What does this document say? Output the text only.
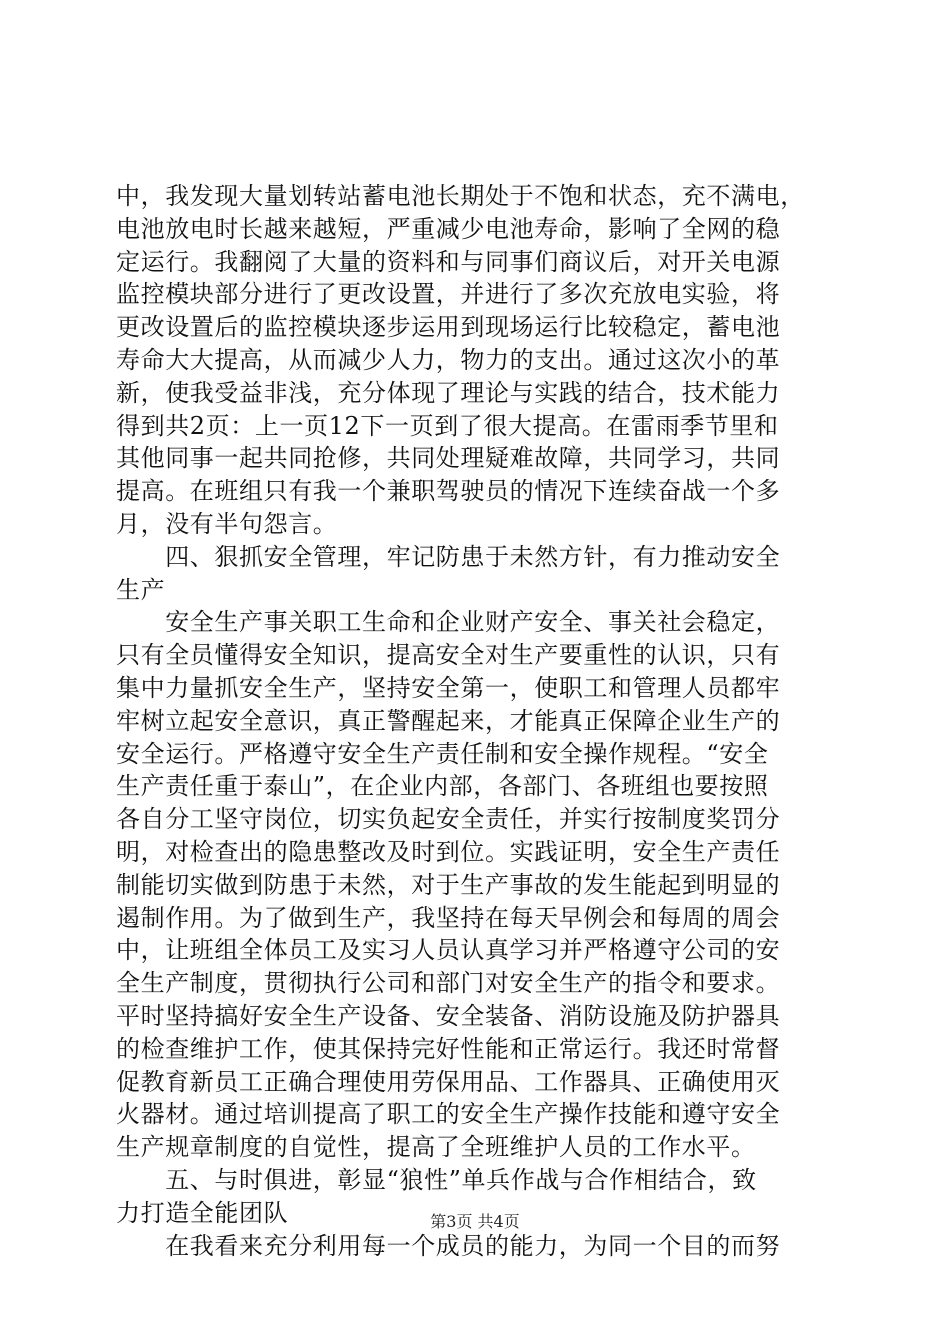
中，我发现大量划转站蓄电池长期处于不饱和状态，充不满电，
电池放电时长越来越短，严重减少电池寿命，影响了全网的稳
定运行。我翻阅了大量的资料和与同事们商议后，对开关电源
监控模块部分进行了更改设置，并进行了多次充放电实验，将
更改设置后的监控模块逐步运用到现场运行比较稳定，蓄电池
寿命大大提高，从而减少人力，物力的支出。通过这次小的革
新，使我受益非浅，充分体现了理论与实践的结合，技术能力
得到共2页：上一页12下一页到了很大提高。在雷雨季节里和
其他同事一起共同抢修，共同处理疑难故障，共同学习，共同
提高。在班组只有我一个兼职驾驶员的情况下连续奋战一个多
月，没有半句怨言。
　　四、狠抓安全管理，牢记防患于未然方针，有力推动安全
生产
　　安全生产事关职工生命和企业财产安全、事关社会稳定，
只有全员懂得安全知识，提高安全对生产要重性的认识，只有
集中力量抓安全生产，坚持安全第一，使职工和管理人员都牢
牢树立起安全意识，真正警醒起来，才能真正保障企业生产的
安全运行。严格遵守安全生产责任制和安全操作规程。“安全
生产责任重于泰山”，在企业内部，各部门、各班组也要按照
各自分工坚守岗位，切实负起安全责任，并实行按制度奖罚分
明，对检查出的隐患整改及时到位。实践证明，安全生产责任
制能切实做到防患于未然，对于生产事故的发生能起到明显的
遏制作用。为了做到生产，我坚持在每天早例会和每周的周会
中，让班组全体员工及实习人员认真学习并严格遵守公司的安
全生产制度，贯彻执行公司和部门对安全生产的指令和要求。
平时坚持搞好安全生产设备、安全装备、消防设施及防护器具
的检查维护工作，使其保持完好性能和正常运行。我还时常督
促教育新员工正确合理使用劳保用品、工作器具、正确使用灭
火器材。通过培训提高了职工的安全生产操作技能和遵守安全
生产规章制度的自觉性，提高了全班维护人员的工作水平。
　　五、与时俱进，彰显“狼性”单兵作战与合作相结合，致
力打造全能团队
　　在我看来充分利用每一个成员的能力，为同一个目的而努
第3页 共4页
